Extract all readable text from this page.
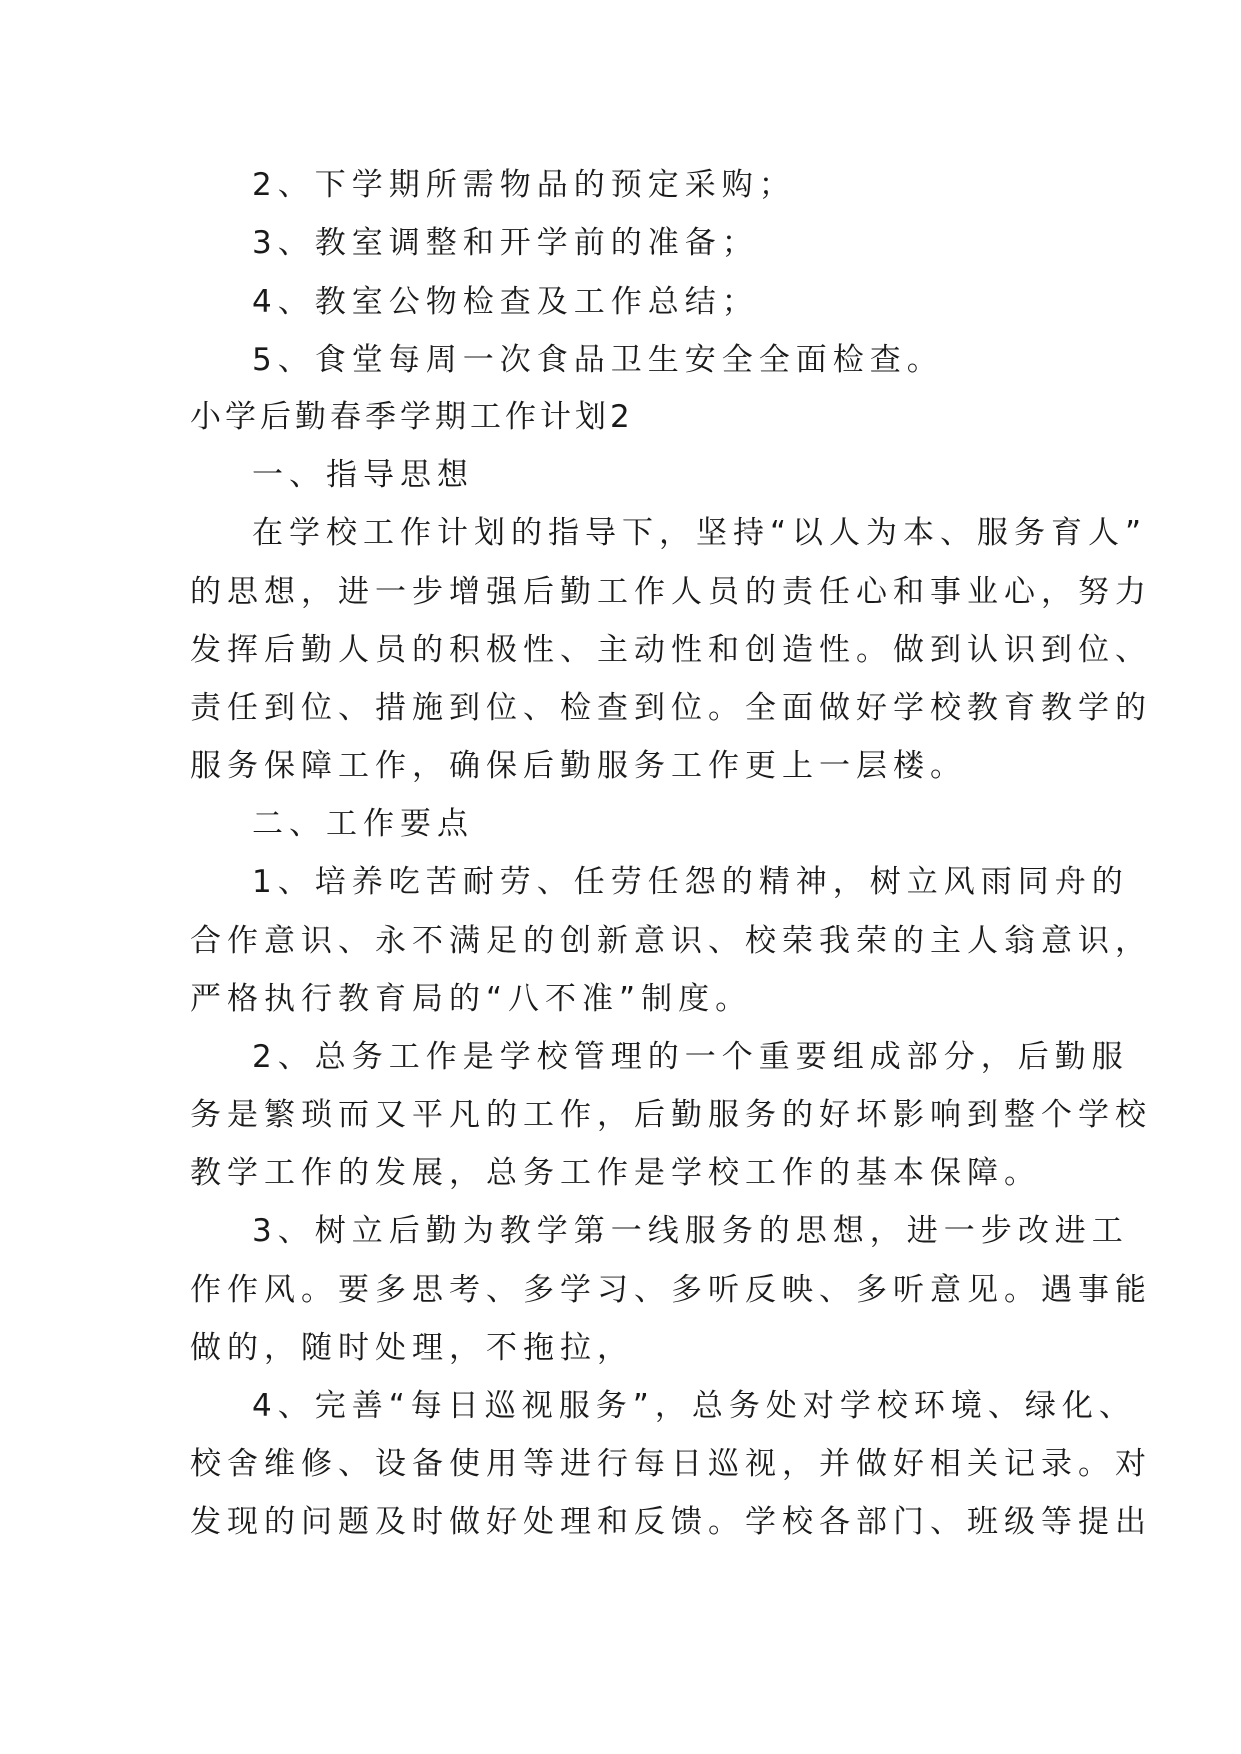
2、下学期所需物品的预定采购；
3、教室调整和开学前的准备；
4、教室公物检查及工作总结；
5、食堂每周一次食品卫生安全全面检查。
小学后勤春季学期工作计划2
一、指导思想
在学校工作计划的指导下，坚持“以人为本、服务育人”
的思想，进一步增强后勤工作人员的责任心和事业心，努力
发挥后勤人员的积极性、主动性和创造性。做到认识到位、
责任到位、措施到位、检查到位。全面做好学校教育教学的
服务保障工作，确保后勤服务工作更上一层楼。
二、工作要点
1、培养吃苦耐劳、任劳任怨的精神，树立风雨同舟的
合作意识、永不满足的创新意识、校荣我荣的主人翁意识，
严格执行教育局的“八不准”制度。
2、总务工作是学校管理的一个重要组成部分，后勤服
务是繁琐而又平凡的工作，后勤服务的好坏影响到整个学校
教学工作的发展，总务工作是学校工作的基本保障。
3、树立后勤为教学第一线服务的思想，进一步改进工
作作风。要多思考、多学习、多听反映、多听意见。遇事能
做的，随时处理，不拖拉，
4、完善“每日巡视服务”，总务处对学校环境、绿化、
校舍维修、设备使用等进行每日巡视，并做好相关记录。对
发现的问题及时做好处理和反馈。学校各部门、班级等提出
